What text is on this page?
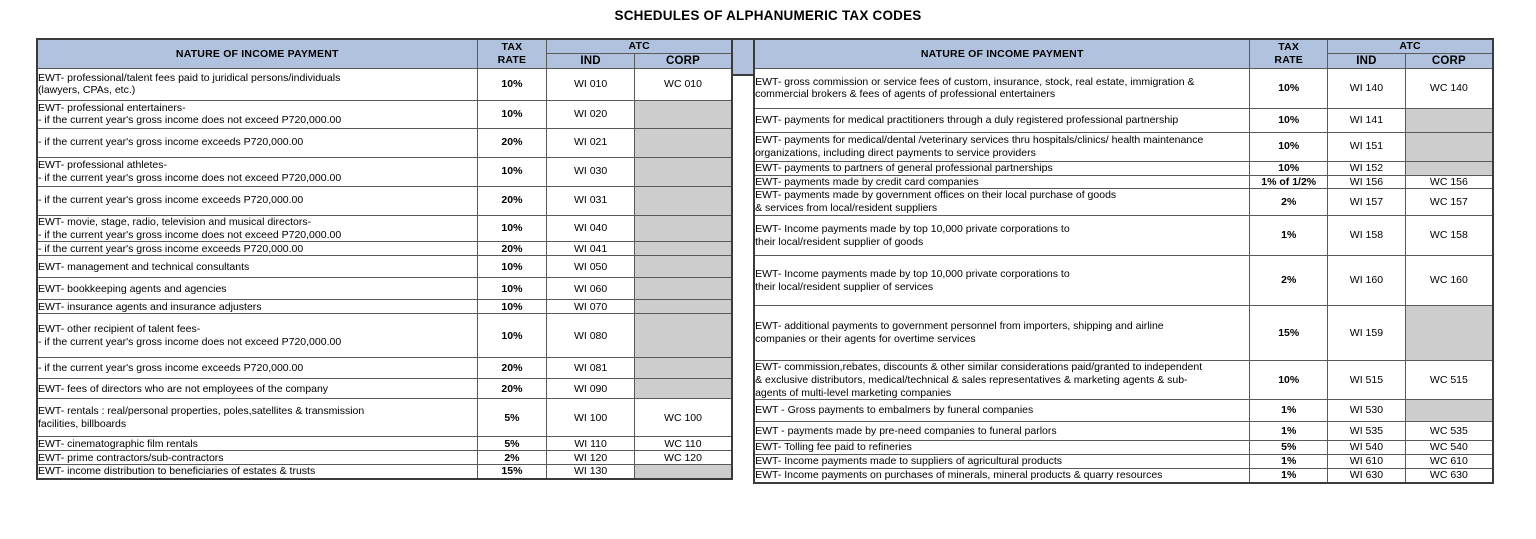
SCHEDULES OF ALPHANUMERIC TAX CODES
NATURE OF INCOME PAYMENT	TAX
RATE	ATC	
		IND	CORP

EWT- professional/talent fees paid to juridical persons/individuals
(lawyers, CPAs, etc.)	10%	WI 010	WC 010

EWT- professional entertainers-
- if the current year's gross income does not exceed P720,000.00	10%	WI 020	

- if the current year's gross income exceeds P720,000.00	20%	WI 021	

EWT- professional athletes-
- if the current year's gross income does not exceed P720,000.00	10%	WI 030	

- if the current year's gross income exceeds P720,000.00	20%	WI 031	

EWT- movie, stage, radio, television and musical directors-
- if the current year's gross income does not exceed P720,000.00	10%	WI 040	

- if the current year's gross income exceeds P720,000.00	20%	WI 041	

EWT- management and technical consultants	10%	WI 050	

EWT- bookkeeping agents and agencies	10%	WI 060	

EWT- insurance agents and insurance adjusters	10%	WI 070	

EWT- other recipient of talent fees-
- if the current year's gross income does not exceed P720,000.00	10%	WI 080	

- if the current year's gross income exceeds P720,000.00	20%	WI 081	

EWT- fees of directors who are not employees of the company	20%	WI 090	

EWT- rentals : real/personal properties, poles,satellites & transmission
facilities, billboards	5%	WI 100	WC 100

EWT- cinematographic film rentals	5%	WI 110	WC 110

EWT- prime contractors/sub-contractors	2%	WI 120	WC 120

EWT- income distribution to beneficiaries of estates & trusts	15%	WI 130	
NATURE OF INCOME PAYMENT	TAX
RATE	ATC	
		IND	CORP

EWT- gross commission or service fees of custom, insurance, stock, real estate, immigration &
commercial brokers & fees of agents of professional entertainers	10%	WI 140	WC 140

EWT- payments for medical practitioners through a duly registered professional partnership	10%	WI 141	

EWT- payments for medical/dental /veterinary services thru hospitals/clinics/ health maintenance
organizations, including direct payments to service providers	10%	WI 151	

EWT- payments to partners of general professional partnerships	10%	WI 152	

EWT- payments made by credit card companies	1% of 1/2%	WI 156	WC 156

EWT- payments made by government offices on their local purchase of goods
& services from local/resident suppliers	2%	WI 157	WC 157

EWT- Income payments made by top 10,000 private corporations to
their local/resident supplier of goods	1%	WI 158	WC 158

EWT- Income payments made by top 10,000 private corporations to
their local/resident supplier of services	2%	WI 160	WC 160

EWT- additional payments to government personnel from importers, shipping and airline
companies or their agents for overtime services	15%	WI 159	

EWT- commission,rebates, discounts & other similar considerations paid/granted to independent
& exclusive distributors, medical/technical & sales representatives & marketing agents & sub-
agents of multi-level marketing companies	10%	WI 515	WC 515

EWT - Gross payments to embalmers by funeral companies	1%	WI 530	

EWT - payments made by pre-need companies to funeral parlors	1%	WI 535	WC 535

EWT- Tolling fee paid to refineries	5%	WI 540	WC 540

EWT- Income payments made to suppliers of agricultural products	1%	WI 610	WC 610

EWT- Income payments on purchases of minerals, mineral products & quarry resources	1%	WI 630	WC 630
